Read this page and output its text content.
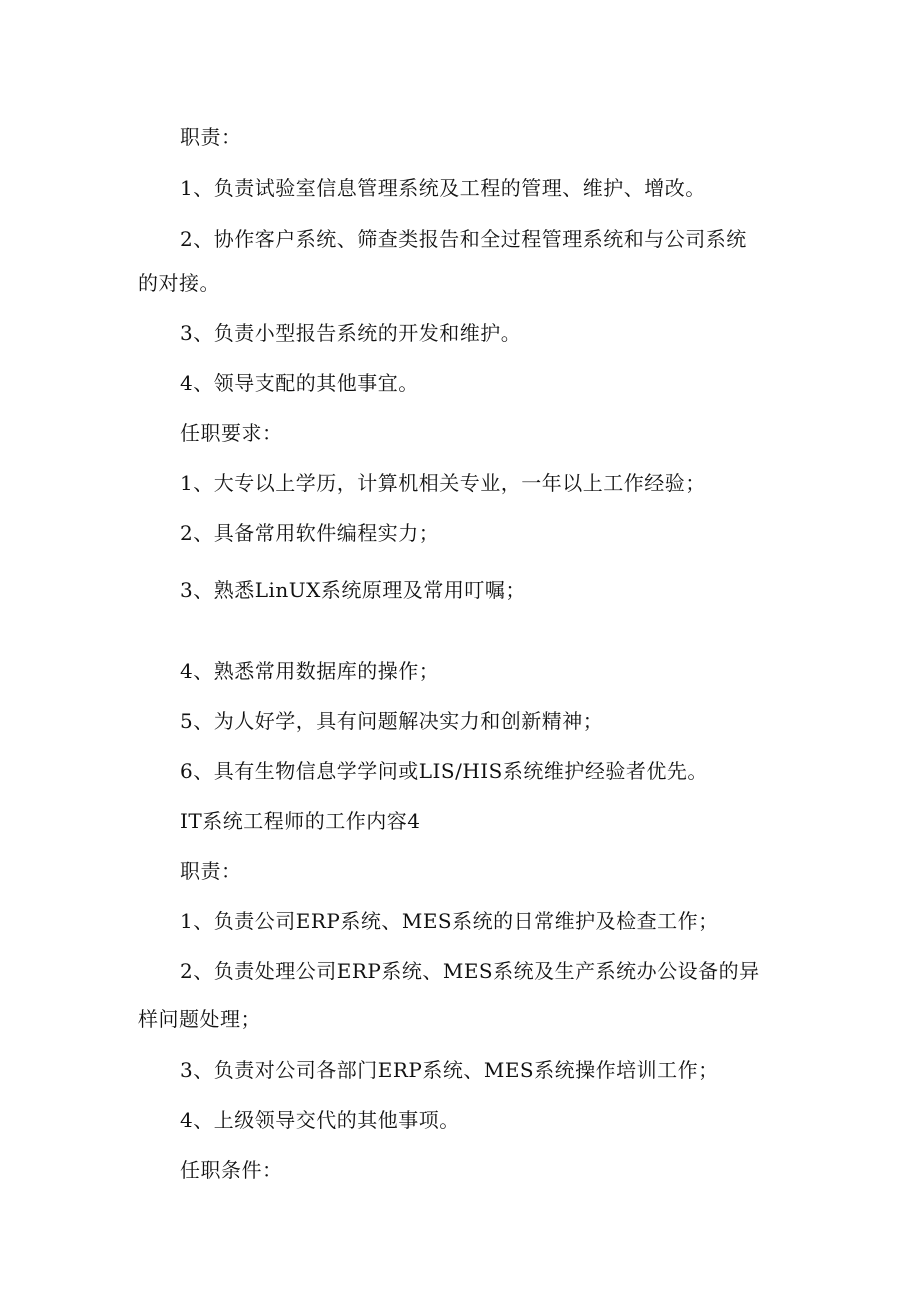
职责：
1、负责试验室信息管理系统及工程的管理、维护、增改。
2、协作客户系统、筛查类报告和全过程管理系统和与公司系统
的对接。
3、负责小型报告系统的开发和维护。
4、领导支配的其他事宜。
任职要求：
1、大专以上学历，计算机相关专业，一年以上工作经验；
2、具备常用软件编程实力；
3、熟悉LinUX系统原理及常用叮嘱；
4、熟悉常用数据库的操作；
5、为人好学，具有问题解决实力和创新精神；
6、具有生物信息学学问或LIS/HIS系统维护经验者优先。
IT系统工程师的工作内容4
职责：
1、负责公司ERP系统、MES系统的日常维护及检查工作；
2、负责处理公司ERP系统、MES系统及生产系统办公设备的异
样问题处理；
3、负责对公司各部门ERP系统、MES系统操作培训工作；
4、上级领导交代的其他事项。
任职条件：
